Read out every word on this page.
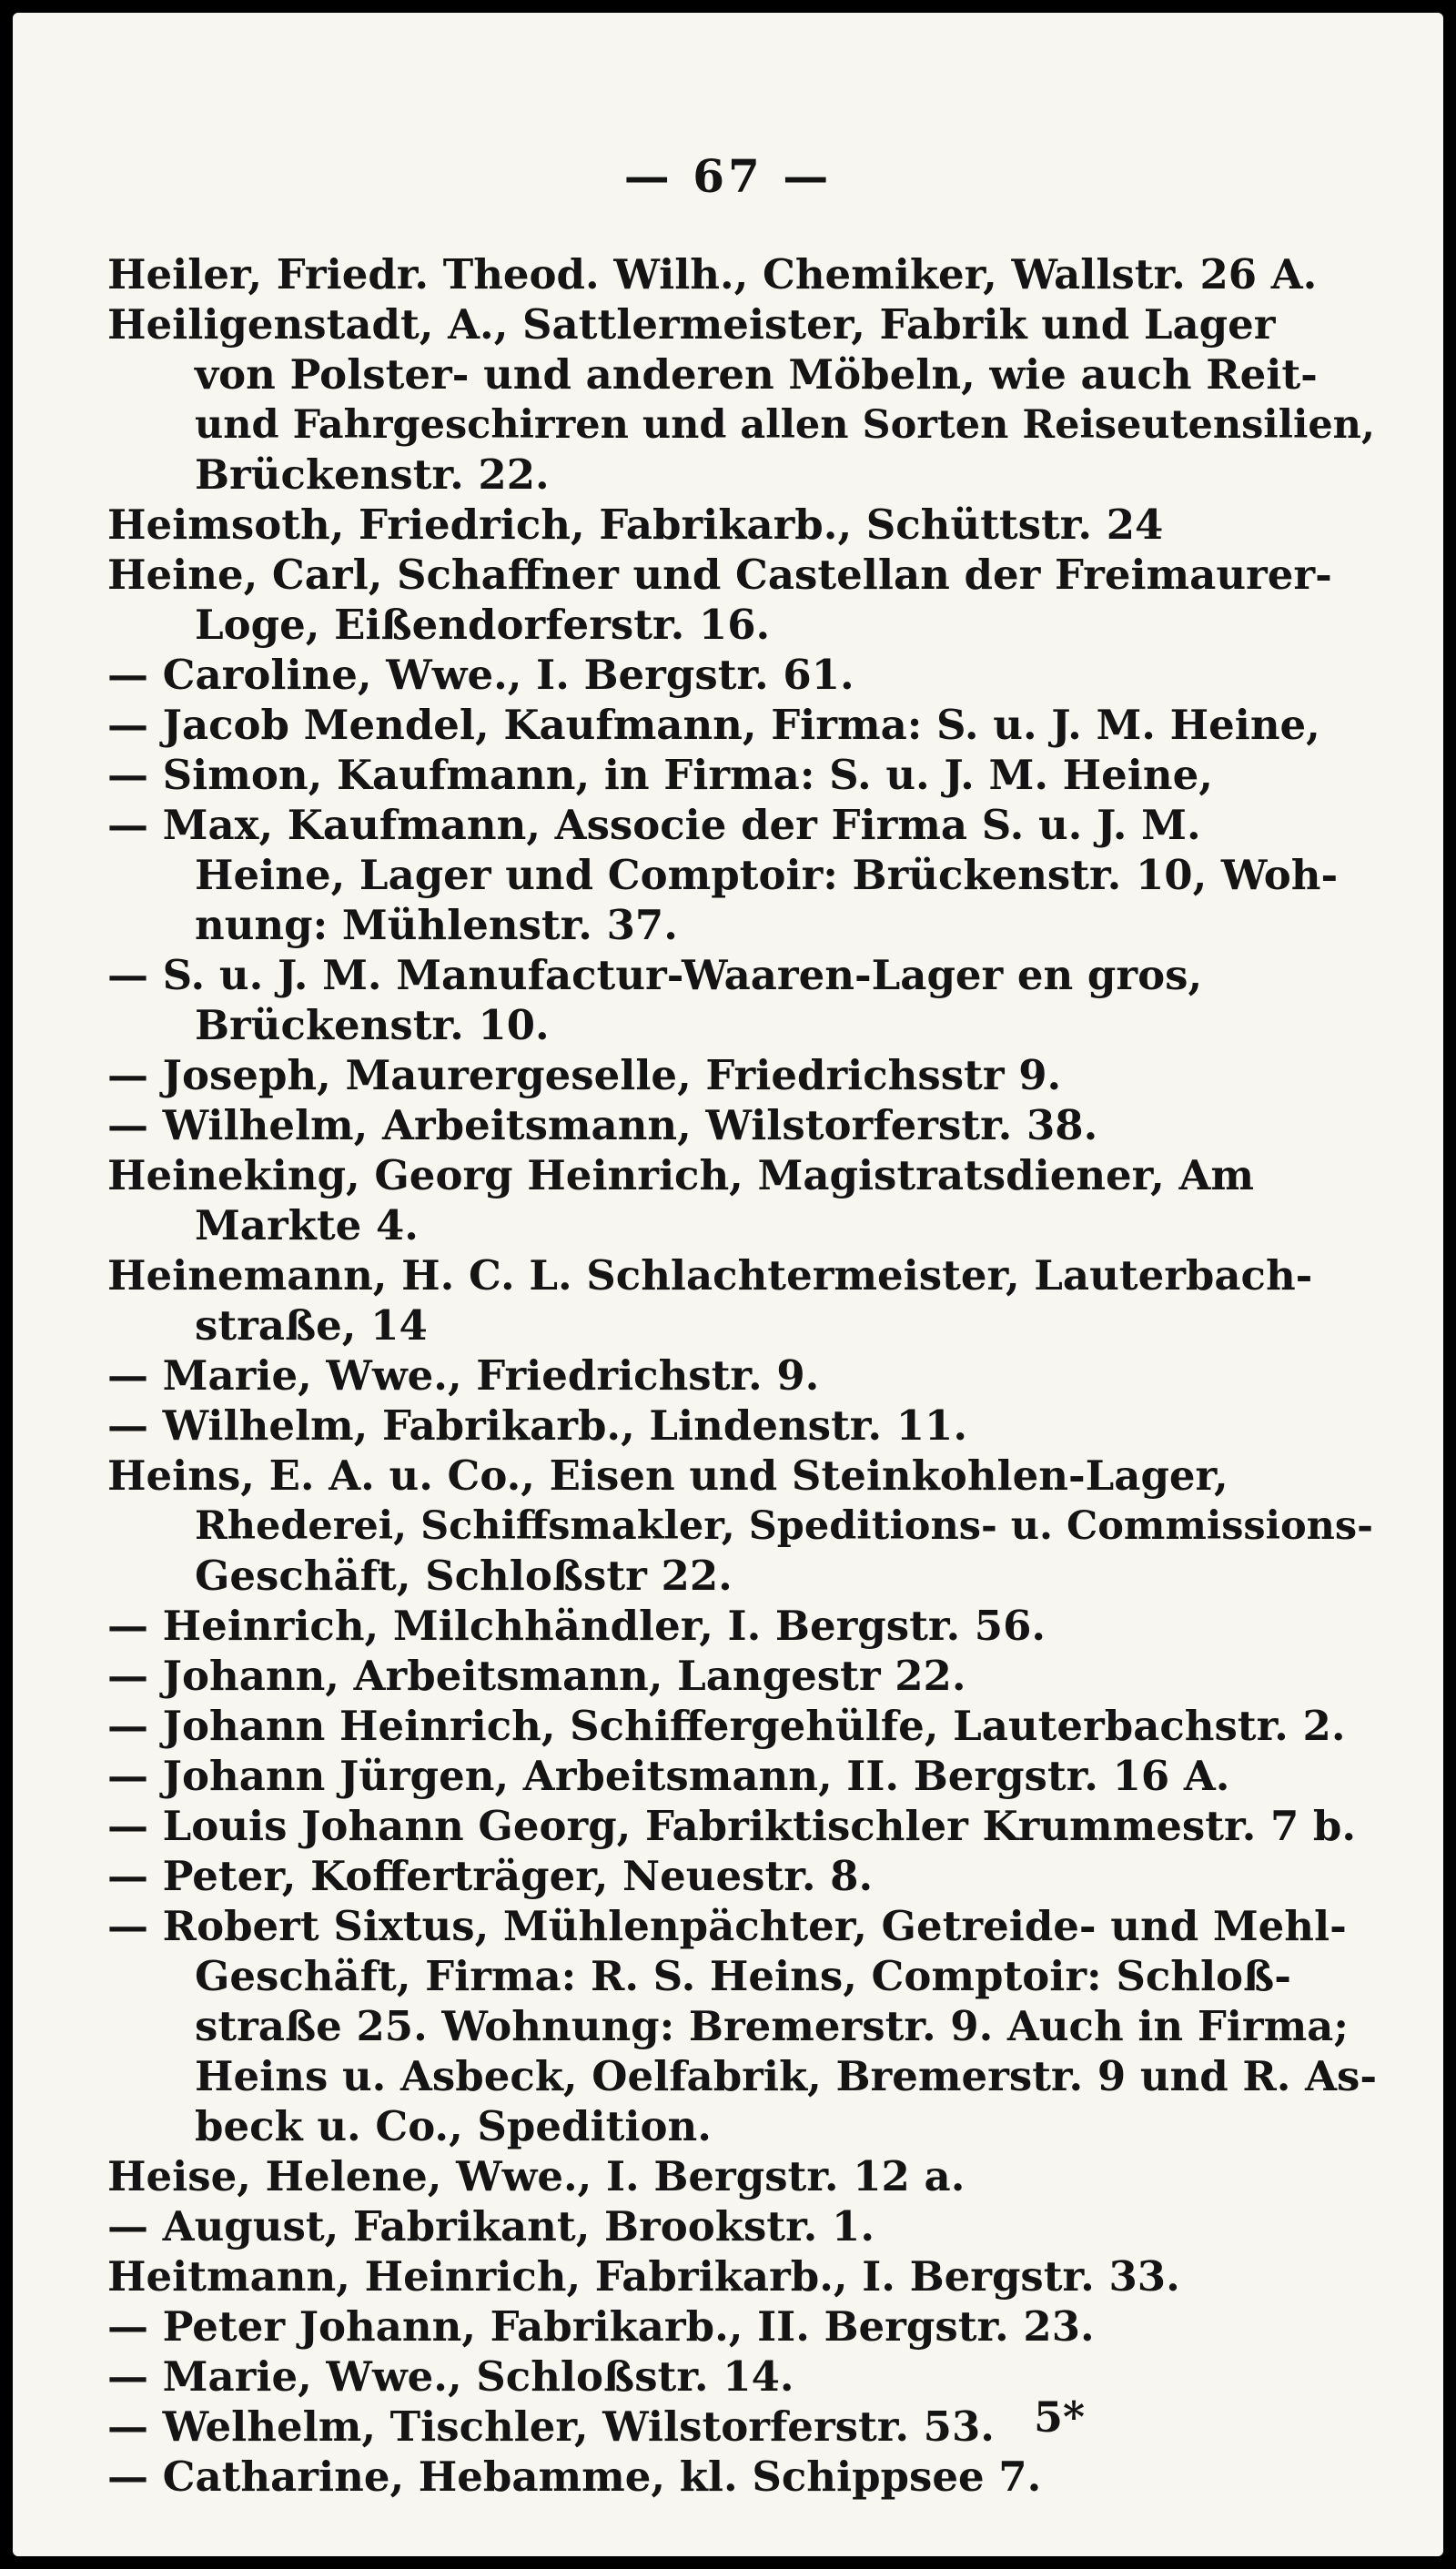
— 67 —
Heiler, Friedr. Theod. Wilh., Chemiker, Wallstr. 26 A.
Heiligenstadt, A., Sattlermeister, Fabrik und Lager
von Polster- und anderen Möbeln, wie auch Reit-
und Fahrgeschirren und allen Sorten Reiseutensilien,
Brückenstr. 22.
Heimsoth, Friedrich, Fabrikarb., Schüttstr. 24
Heine, Carl, Schaffner und Castellan der Freimaurer-
Loge, Eißendorferstr. 16.
— Caroline, Wwe., I. Bergstr. 61.
— Jacob Mendel, Kaufmann, Firma: S. u. J. M. Heine,
— Simon, Kaufmann, in Firma: S. u. J. M. Heine,
— Max, Kaufmann, Associe der Firma S. u. J. M.
Heine, Lager und Comptoir: Brückenstr. 10, Woh-
nung: Mühlenstr. 37.
— S. u. J. M. Manufactur-Waaren-Lager en gros,
Brückenstr. 10.
— Joseph, Maurergeselle, Friedrichsstr 9.
— Wilhelm, Arbeitsmann, Wilstorferstr. 38.
Heineking, Georg Heinrich, Magistratsdiener, Am
Markte 4.
Heinemann, H. C. L. Schlachtermeister, Lauterbach-
straße, 14
— Marie, Wwe., Friedrichstr. 9.
— Wilhelm, Fabrikarb., Lindenstr. 11.
Heins, E. A. u. Co., Eisen und Steinkohlen-Lager,
Rhederei, Schiffsmakler, Speditions- u. Commissions-
Geschäft, Schloßstr 22.
— Heinrich, Milchhändler, I. Bergstr. 56.
— Johann, Arbeitsmann, Langestr 22.
— Johann Heinrich, Schiffergehülfe, Lauterbachstr. 2.
— Johann Jürgen, Arbeitsmann, II. Bergstr. 16 A.
— Louis Johann Georg, Fabriktischler Krummestr. 7 b.
— Peter, Kofferträger, Neuestr. 8.
— Robert Sixtus, Mühlenpächter, Getreide- und Mehl-
Geschäft, Firma: R. S. Heins, Comptoir: Schloß-
straße 25. Wohnung: Bremerstr. 9. Auch in Firma;
Heins u. Asbeck, Oelfabrik, Bremerstr. 9 und R. As-
beck u. Co., Spedition.
Heise, Helene, Wwe., I. Bergstr. 12 a.
— August, Fabrikant, Brookstr. 1.
Heitmann, Heinrich, Fabrikarb., I. Bergstr. 33.
— Peter Johann, Fabrikarb., II. Bergstr. 23.
— Marie, Wwe., Schloßstr. 14.
— Welhelm, Tischler, Wilstorferstr. 53.
— Catharine, Hebamme, kl. Schippsee 7.
5*
